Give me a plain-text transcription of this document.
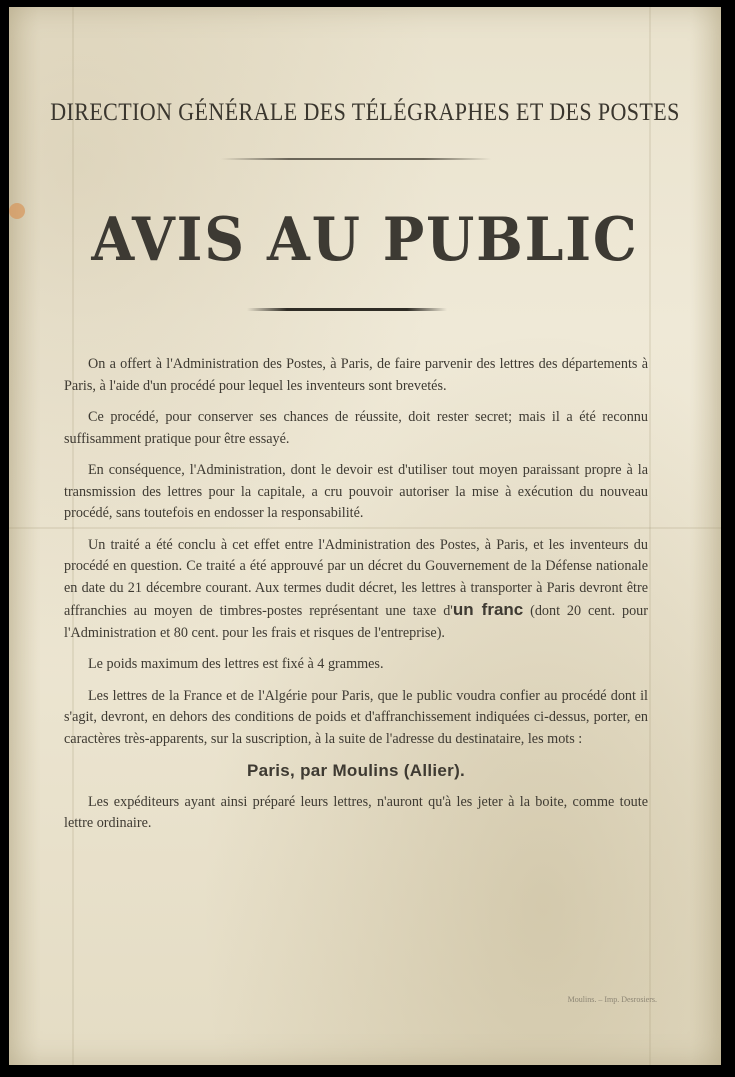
DIRECTION GÉNÉRALE DES TÉLÉGRAPHES ET DES POSTES
AVIS AU PUBLIC

On a offert à l'Administration des Postes, à Paris, de faire parvenir des lettres des départements à Paris, à l'aide d'un procédé pour lequel les inventeurs sont brevetés.

Ce procédé, pour conserver ses chances de réussite, doit rester secret; mais il a été reconnu suffisamment pratique pour être essayé.

En conséquence, l'Administration, dont le devoir est d'utiliser tout moyen paraissant propre à la transmission des lettres pour la capitale, a cru pouvoir autoriser la mise à exécution du nouveau procédé, sans toutefois en endosser la responsabilité.

Un traité a été conclu à cet effet entre l'Administration des Postes, à Paris, et les inventeurs du procédé en question. Ce traité a été approuvé par un décret du Gouvernement de la Défense nationale en date du 21 décembre courant. Aux termes dudit décret, les lettres à transporter à Paris devront être affranchies au moyen de timbres-postes représentant une taxe d'un franc (dont 20 cent. pour l'Administration et 80 cent. pour les frais et risques de l'entreprise).

Le poids maximum des lettres est fixé à 4 grammes.

Les lettres de la France et de l'Algérie pour Paris, que le public voudra confier au procédé dont il s'agit, devront, en dehors des conditions de poids et d'affranchissement indiquées ci-dessus, porter, en caractères très-apparents, sur la suscription, à la suite de l'adresse du destinataire, les mots :

Paris, par Moulins (Allier).

Les expéditeurs ayant ainsi préparé leurs lettres, n'auront qu'à les jeter à la boite, comme toute lettre ordinaire.

Moulins. – Imp. Desrosiers.
